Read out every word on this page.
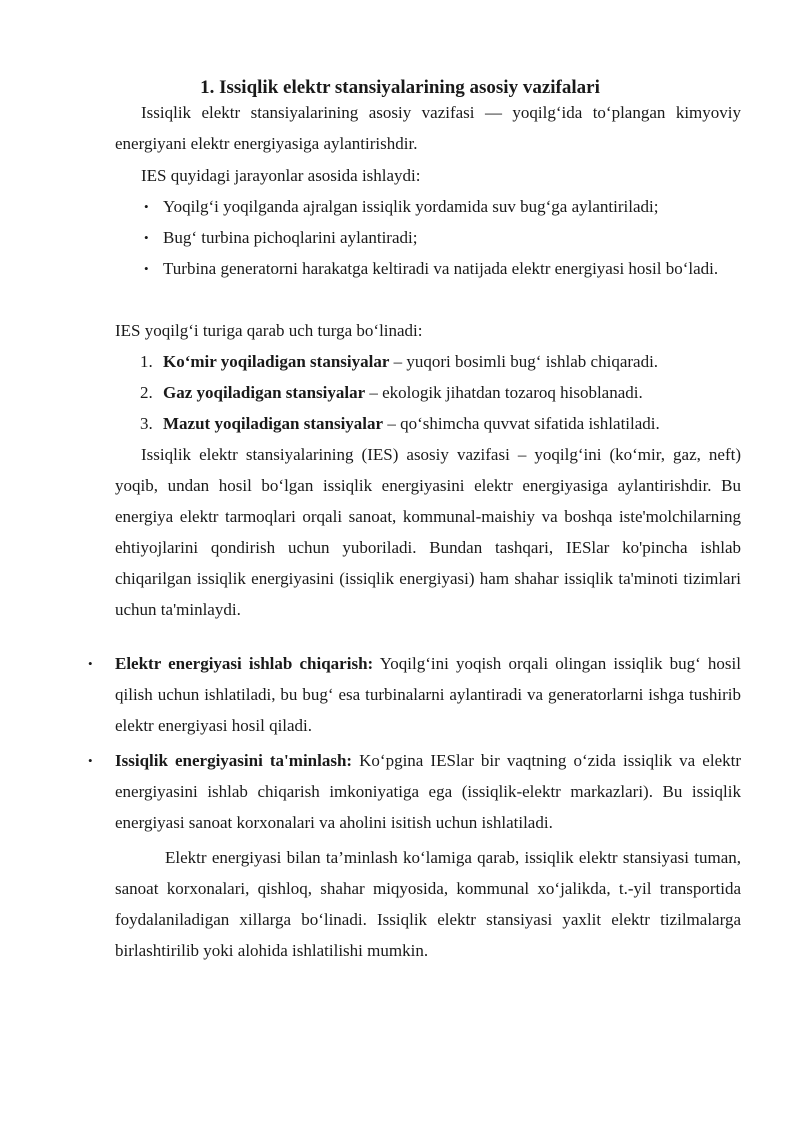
1. Issiqlik elektr stansiyalarining asosiy vazifalari

Issiqlik elektr stansiyalarining asosiy vazifasi — yoqilg‘ida to‘plangan kimyoviy energiyani elektr energiyasiga aylantirishdir.

IES quyidagi jarayonlar asosida ishlaydi:

• Yoqilg‘i yoqilganda ajralgan issiqlik yordamida suv bug‘ga aylantiriladi;

• Bug‘ turbina pichoqlarini aylantiradi;

• Turbina generatorni harakatga keltiradi va natijada elektr energiyasi hosil bo‘ladi.

IES yoqilg‘i turiga qarab uch turga bo‘linadi:

1. Ko‘mir yoqiladigan stansiyalar – yuqori bosimli bug‘ ishlab chiqaradi.
2. Gaz yoqiladigan stansiyalar – ekologik jihatdan tozaroq hisoblanadi.
3. Mazut yoqiladigan stansiyalar – qo‘shimcha quvvat sifatida ishlatiladi.

Issiqlik elektr stansiyalarining (IES) asosiy vazifasi – yoqilg‘ini (ko‘mir, gaz, neft) yoqib, undan hosil bo‘lgan issiqlik energiyasini elektr energiyasiga aylantirishdir. Bu energiya elektr tarmoqlari orqali sanoat, kommunal-maishiy va boshqa iste'molchilarning ehtiyojlarini qondirish uchun yuboriladi. Bundan tashqari, IESlar ko'pincha ishlab chiqarilgan issiqlik energiyasini (issiqlik energiyasi) ham shahar issiqlik ta'minoti tizimlari uchun ta'minlaydi.

• Elektr energiyasi ishlab chiqarish: Yoqilg‘ini yoqish orqali olingan issiqlik bug‘ hosil qilish uchun ishlatiladi, bu bug‘ esa turbinalarni aylantiradi va generatorlarni ishga tushirib elektr energiyasi hosil qiladi.

• Issiqlik energiyasini ta'minlash: Ko‘pgina IESlar bir vaqtning o‘zida issiqlik va elektr energiyasini ishlab chiqarish imkoniyatiga ega (issiqlik-elektr markazlari). Bu issiqlik energiyasi sanoat korxonalari va aholini isitish uchun ishlatiladi.

Elektr energiyasi bilan ta’minlash ko‘lamiga qarab, issiqlik elektr stansiyasi tuman, sanoat korxonalari, qishloq, shahar miqyosida, kommunal xo‘jalikda, t.-yil transportida foydalaniladigan xillarga bo‘linadi. Issiqlik elektr stansiyasi yaxlit elektr tizilmalarga birlashtirilib yoki alohida ishlatilishi mumkin.
